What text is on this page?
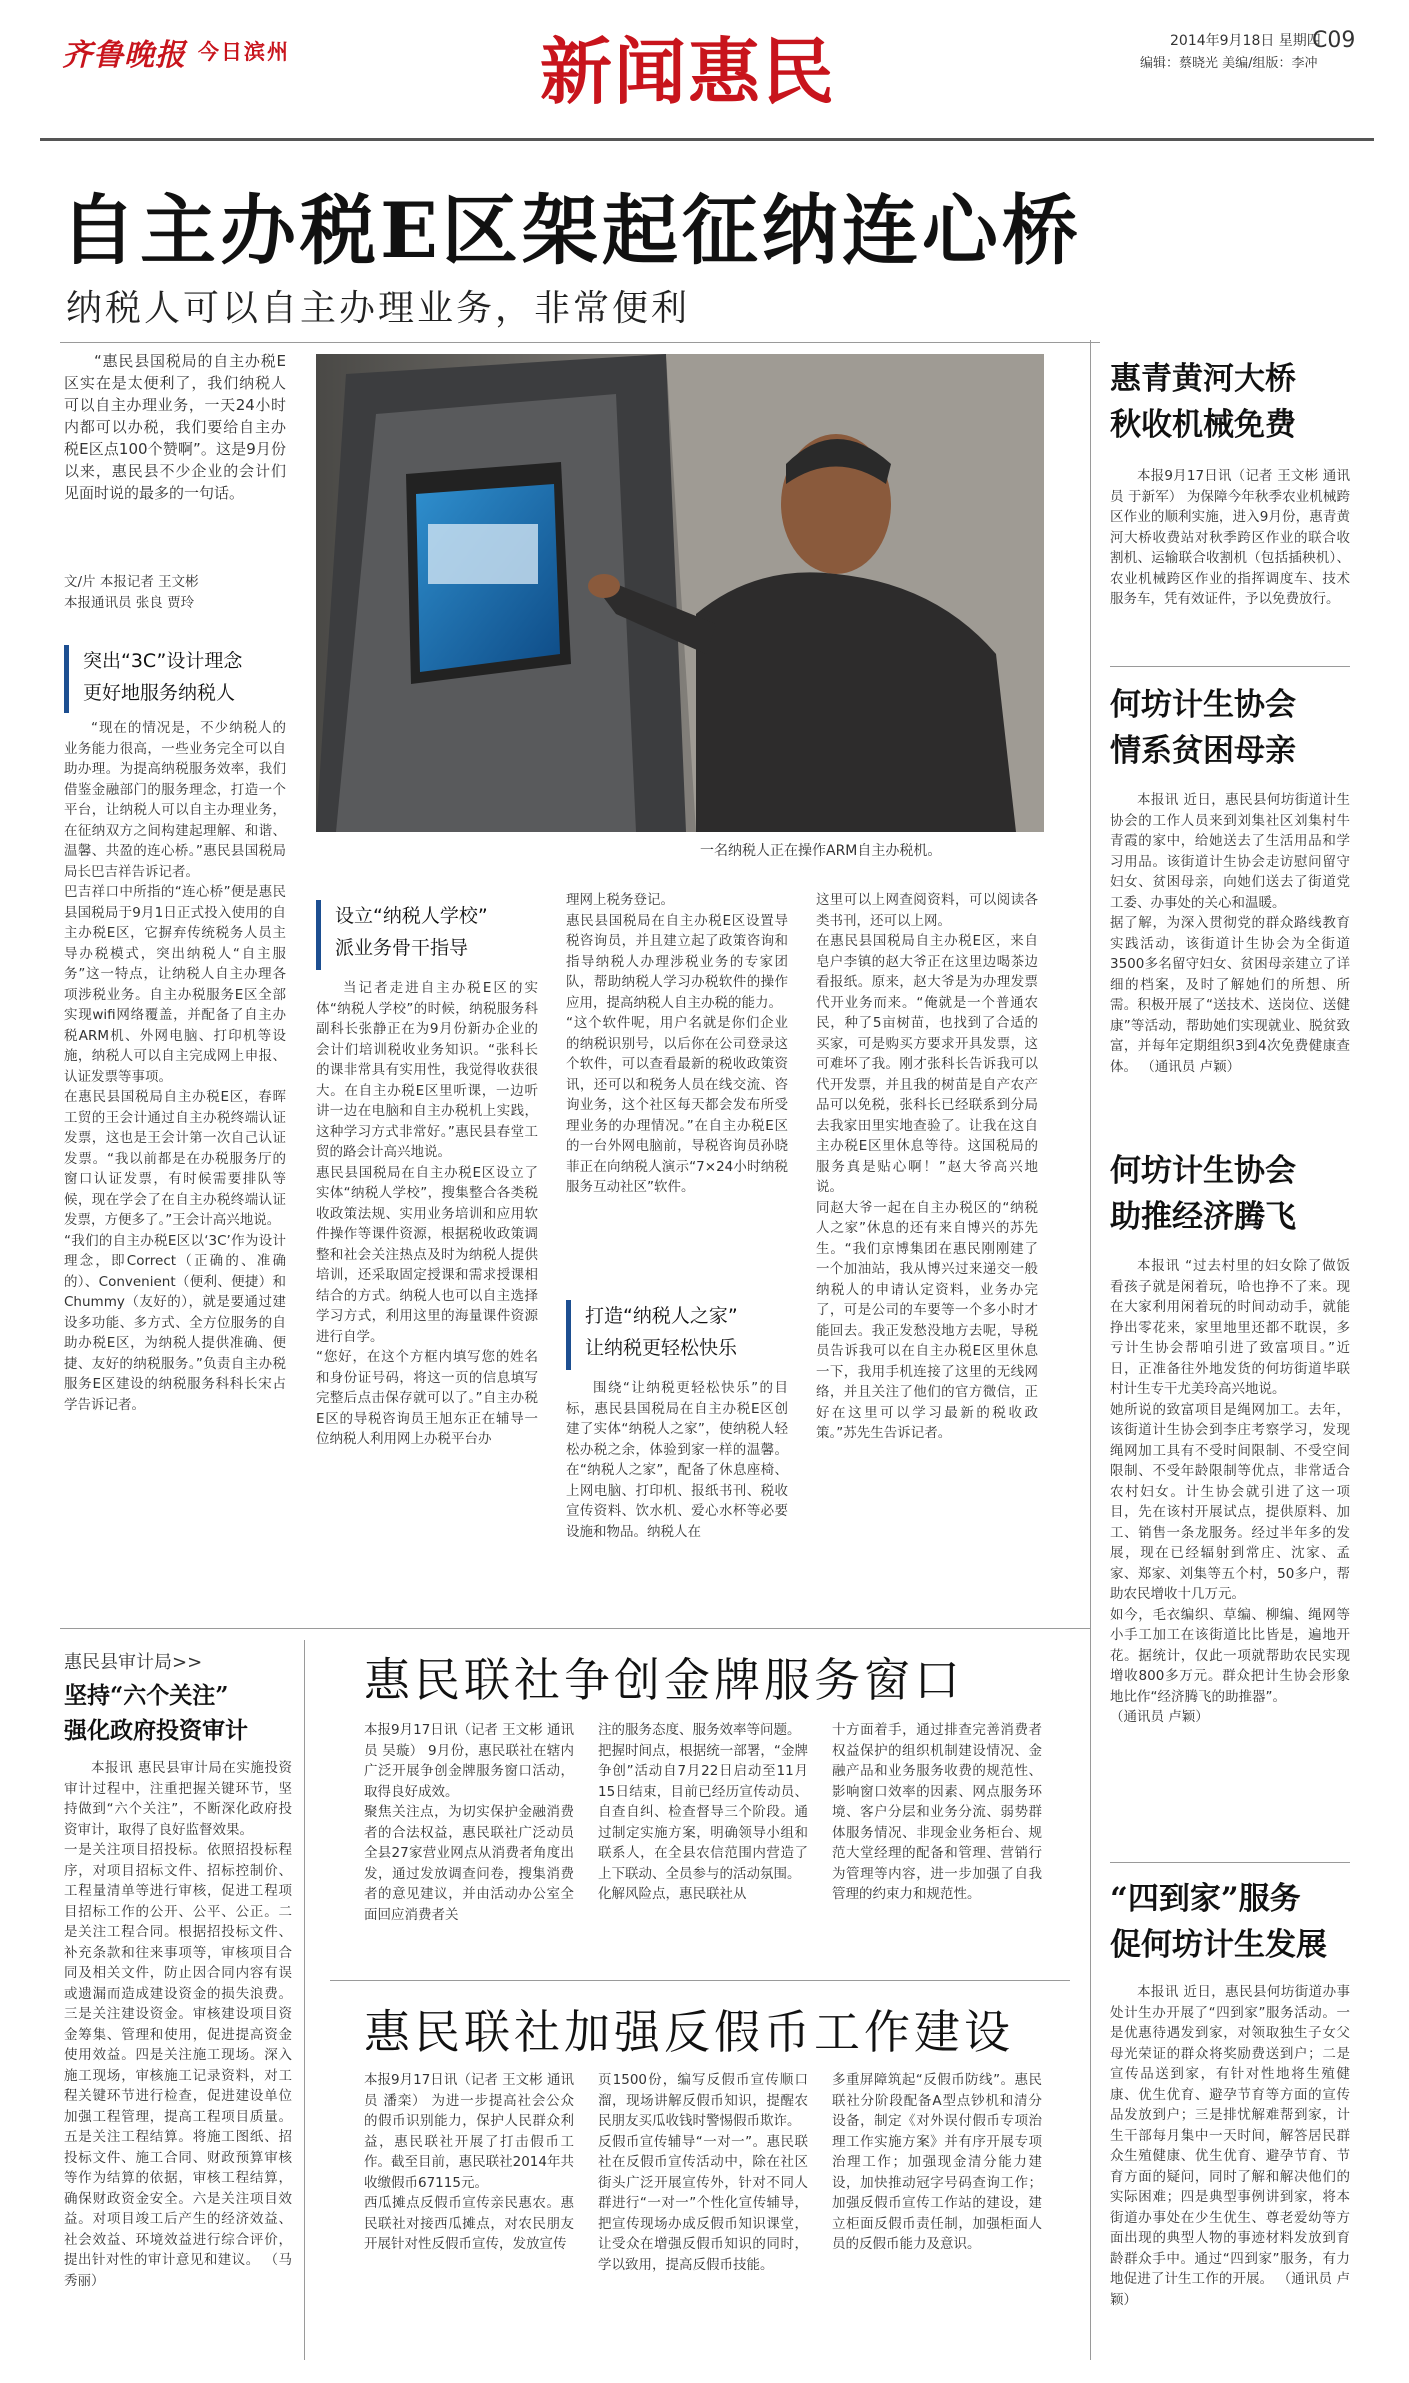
齐鲁晚报 今日滨州	新闻惠民	2014年9月18日 星期四
C09
编辑：蔡晓光 美编/组版：李冲
自主办税E区架起征纳连心桥
纳税人可以自主办理业务，非常便利

“惠民县国税局的自主办税E区实在是太便利了，我们纳税人可以自主办理业务，一天24小时内都可以办税，我们要给自主办税E区点100个赞啊”。这是9月份以来，惠民县不少企业的会计们见面时说的最多的一句话。

文/片 本报记者 王文彬
本报通讯员 张良 贾玲
突出“3C”设计理念
更好地服务纳税人
“现在的情况是，不少纳税人的业务能力很高，一些业务完全可以自助办理。为提高纳税服务效率，我们借鉴金融部门的服务理念，打造一个平台，让纳税人可以自主办理业务，在征纳双方之间构建起理解、和谐、温馨、共盈的连心桥。”惠民县国税局局长巴吉祥告诉记者。
巴吉祥口中所指的“连心桥”便是惠民县国税局于9月1日正式投入使用的自主办税E区，它摒弃传统税务人员主导办税模式，突出纳税人“自主服务”这一特点，让纳税人自主办理各项涉税业务。自主办税服务E区全部实现wifi网络覆盖，并配备了自主办税ARM机、外网电脑、打印机等设施，纳税人可以自主完成网上申报、认证发票等事项。
在惠民县国税局自主办税E区，春晖工贸的王会计通过自主办税终端认证发票，这也是王会计第一次自己认证发票。“我以前都是在办税服务厅的窗口认证发票，有时候需要排队等候，现在学会了在自主办税终端认证发票，方便多了。”王会计高兴地说。
“我们的自主办税E区以‘3C’作为设计理念，即Correct（正确的、准确的）、Convenient（便利、便捷）和Chummy（友好的），就是要通过建设多功能、多方式、全方位服务的自助办税E区，为纳税人提供准确、便捷、友好的纳税服务。”负责自主办税服务E区建设的纳税服务科科长宋占学告诉记者。
一名纳税人正在操作ARM自主办税机。
设立“纳税人学校”
派业务骨干指导
当记者走进自主办税E区的实体“纳税人学校”的时候，纳税服务科副科长张静正在为9月份新办企业的会计们培训税收业务知识。“张科长的课非常具有实用性，我觉得收获很大。在自主办税E区里听课，一边听讲一边在电脑和自主办税机上实践，这种学习方式非常好。”惠民县春堂工贸的路会计高兴地说。
惠民县国税局在自主办税E区设立了实体“纳税人学校”，搜集整合各类税收政策法规、实用业务培训和应用软件操作等课件资源，根据税收政策调整和社会关注热点及时为纳税人提供培训，还采取固定授课和需求授课相结合的方式。纳税人也可以自主选择学习方式，利用这里的海量课件资源进行自学。
“您好，在这个方框内填写您的姓名和身份证号码，将这一页的信息填写完整后点击保存就可以了。”自主办税E区的导税咨询员王旭东正在辅导一位纳税人利用网上办税平台办
理网上税务登记。
惠民县国税局在自主办税E区设置导税咨询员，并且建立起了政策咨询和指导纳税人办理涉税业务的专家团队，帮助纳税人学习办税软件的操作应用，提高纳税人自主办税的能力。
“这个软件呢，用户名就是你们企业的纳税识别号，以后你在公司登录这个软件，可以查看最新的税收政策资讯，还可以和税务人员在线交流、咨询业务，这个社区每天都会发布所受理业务的办理情况。”在自主办税E区的一台外网电脑前，导税咨询员孙晓菲正在向纳税人演示“7×24小时纳税服务互动社区”软件。
打造“纳税人之家”
让纳税更轻松快乐
围绕“让纳税更轻松快乐”的目标，惠民县国税局在自主办税E区创建了实体“纳税人之家”，使纳税人轻松办税之余，体验到家一样的温馨。在“纳税人之家”，配备了休息座椅、上网电脑、打印机、报纸书刊、税收宣传资料、饮水机、爱心水杯等必要设施和物品。纳税人在
这里可以上网查阅资料，可以阅读各类书刊，还可以上网。
在惠民县国税局自主办税E区，来自皂户李镇的赵大爷正在这里边喝茶边看报纸。原来，赵大爷是为办理发票代开业务而来。“俺就是一个普通农民，种了5亩树苗，也找到了合适的买家，可是购买方要求开具发票，这可难坏了我。刚才张科长告诉我可以代开发票，并且我的树苗是自产农产品可以免税，张科长已经联系到分局去我家田里实地查验了。让我在这自主办税E区里休息等待。这国税局的服务真是贴心啊！”赵大爷高兴地说。
同赵大爷一起在自主办税区的“纳税人之家”休息的还有来自博兴的苏先生。“我们京博集团在惠民刚刚建了一个加油站，我从博兴过来递交一般纳税人的申请认定资料，业务办完了，可是公司的车要等一个多小时才能回去。我正发愁没地方去呢，导税员告诉我可以在自主办税E区里休息一下，我用手机连接了这里的无线网络，并且关注了他们的官方微信，正好在这里可以学习最新的税收政策。”苏先生告诉记者。
惠青黄河大桥
秋收机械免费
本报9月17日讯（记者 王文彬 通讯员 于新军） 为保障今年秋季农业机械跨区作业的顺利实施，进入9月份，惠青黄河大桥收费站对秋季跨区作业的联合收割机、运输联合收割机（包括插秧机）、农业机械跨区作业的指挥调度车、技术服务车，凭有效证件，予以免费放行。
何坊计生协会
情系贫困母亲
本报讯 近日，惠民县何坊街道计生协会的工作人员来到刘集社区刘集村牛青霞的家中，给她送去了生活用品和学习用品。该街道计生协会走访慰问留守妇女、贫困母亲，向她们送去了街道党工委、办事处的关心和温暖。
据了解，为深入贯彻党的群众路线教育实践活动，该街道计生协会为全街道3500多名留守妇女、贫困母亲建立了详细的档案，及时了解她们的所想、所需。积极开展了“送技术、送岗位、送健康”等活动，帮助她们实现就业、脱贫致富，并每年定期组织3到4次免费健康查体。 （通讯员 卢颖）
何坊计生协会
助推经济腾飞
本报讯 “过去村里的妇女除了做饭看孩子就是闲着玩，哈也挣不了来。现在大家利用闲着玩的时间动动手，就能挣出零花来，家里地里还都不耽误，多亏计生协会帮咱引进了致富项目。”近日，正准备往外地发货的何坊街道毕联村计生专干尤美玲高兴地说。
她所说的致富项目是绳网加工。去年，该街道计生协会到李庄考察学习，发现绳网加工具有不受时间限制、不受空间限制、不受年龄限制等优点，非常适合农村妇女。计生协会就引进了这一项目，先在该村开展试点，提供原料、加工、销售一条龙服务。经过半年多的发展，现在已经辐射到常庄、沈家、孟家、郑家、刘集等五个村，50多户，帮助农民增收十几万元。
如今，毛衣编织、草编、柳编、绳网等小手工加工在该街道比比皆是，遍地开花。据统计，仅此一项就帮助农民实现增收800多万元。群众把计生协会形象地比作“经济腾飞的助推器”。
（通讯员 卢颖）
“四到家”服务
促何坊计生发展
本报讯 近日，惠民县何坊街道办事处计生办开展了“四到家”服务活动。一是优惠待遇发到家，对领取独生子女父母光荣证的群众将奖励费送到户；二是宣传品送到家，有针对性地将生殖健康、优生优育、避孕节育等方面的宣传品发放到户；三是排忧解难帮到家，计生干部每月集中一天时间，解答居民群众生殖健康、优生优育、避孕节育、节育方面的疑问，同时了解和解决他们的实际困难；四是典型事例讲到家，将本街道办事处在少生优生、尊老爱幼等方面出现的典型人物的事迹材料发放到育龄群众手中。通过“四到家”服务，有力地促进了计生工作的开展。 （通讯员 卢颖）
惠民县审计局>>
坚持“六个关注”
强化政府投资审计
本报讯 惠民县审计局在实施投资审计过程中，注重把握关键环节，坚持做到“六个关注”，不断深化政府投资审计，取得了良好监督效果。
一是关注项目招投标。依照招投标程序，对项目招标文件、招标控制价、工程量清单等进行审核，促进工程项目招标工作的公开、公平、公正。二是关注工程合同。根据招投标文件、补充条款和往来事项等，审核项目合同及相关文件，防止因合同内容有误或遗漏而造成建设资金的损失浪费。三是关注建设资金。审核建设项目资金筹集、管理和使用，促进提高资金使用效益。四是关注施工现场。深入施工现场，审核施工记录资料，对工程关键环节进行检查，促进建设单位加强工程管理，提高工程项目质量。五是关注工程结算。将施工图纸、招投标文件、施工合同、财政预算审核等作为结算的依据，审核工程结算，确保财政资金安全。六是关注项目效益。对项目竣工后产生的经济效益、社会效益、环境效益进行综合评价，提出针对性的审计意见和建议。 （马秀丽）
惠民联社争创金牌服务窗口
本报9月17日讯（记者 王文彬 通讯员 吴璇） 9月份，惠民联社在辖内广泛开展争创金牌服务窗口活动，取得良好成效。
聚焦关注点，为切实保护金融消费者的合法权益，惠民联社广泛动员全县27家营业网点从消费者角度出发，通过发放调查问卷，搜集消费者的意见建议，并由活动办公室全面回应消费者关
注的服务态度、服务效率等问题。
把握时间点，根据统一部署，“金牌争创”活动自7月22日启动至11月15日结束，目前已经历宣传动员、自查自纠、检查督导三个阶段。通过制定实施方案，明确领导小组和联系人，在全县农信范围内营造了上下联动、全员参与的活动氛围。
化解风险点，惠民联社从
十方面着手，通过排查完善消费者权益保护的组织机制建设情况、金融产品和业务服务收费的规范性、影响窗口效率的因素、网点服务环境、客户分层和业务分流、弱势群体服务情况、非现金业务柜台、规范大堂经理的配备和管理、营销行为管理等内容，进一步加强了自我管理的约束力和规范性。
惠民联社加强反假币工作建设
本报9月17日讯（记者 王文彬 通讯员 潘栾） 为进一步提高社会公众的假币识别能力，保护人民群众利益，惠民联社开展了打击假币工作。截至目前，惠民联社2014年共收缴假币67115元。
西瓜摊点反假币宣传亲民惠农。惠民联社对接西瓜摊点，对农民朋友开展针对性反假币宣传，发放宣传
页1500份，编写反假币宣传顺口溜，现场讲解反假币知识，提醒农民朋友买瓜收钱时警惕假币欺诈。
反假币宣传辅导“一对一”。惠民联社在反假币宣传活动中，除在社区街头广泛开展宣传外，针对不同人群进行“一对一”个性化宣传辅导，把宣传现场办成反假币知识课堂，让受众在增强反假币知识的同时，学以致用，提高反假币技能。
多重屏障筑起“反假币防线”。惠民联社分阶段配备A型点钞机和清分设备，制定《对外误付假币专项治理工作实施方案》并有序开展专项治理工作；加强现金清分能力建设，加快推动冠字号码查询工作；加强反假币宣传工作站的建设，建立柜面反假币责任制，加强柜面人员的反假币能力及意识。
